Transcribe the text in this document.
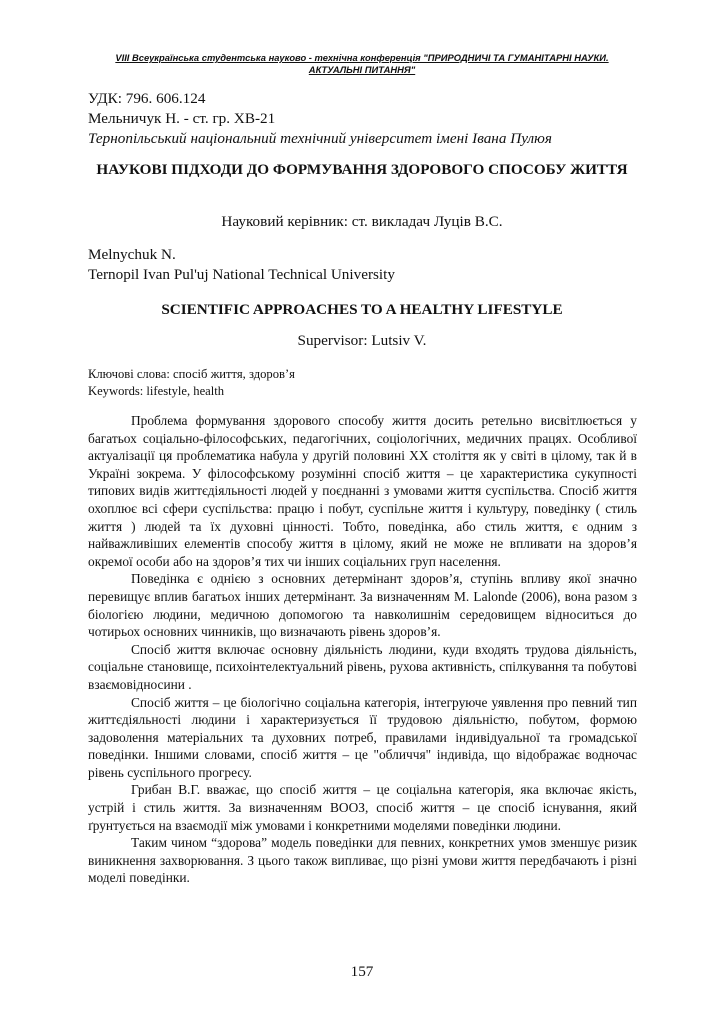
VIII Всеукраїнська студентська науково - технічна конференція "ПРИРОДНИЧІ ТА ГУМАНІТАРНІ НАУКИ.
АКТУАЛЬНІ ПИТАННЯ"
УДК: 796. 606.124
Мельничук Н. - ст. гр. ХВ-21
Тернопільський національний технічний університет імені Івана Пулюя
НАУКОВІ ПІДХОДИ ДО ФОРМУВАННЯ ЗДОРОВОГО СПОСОБУ ЖИТТЯ
Науковий керівник: ст. викладач Луців В.С.
Melnychuk N.
Ternopil Ivan Pul'uj National Technical University
SCIENTIFIC APPROACHES TO A HEALTHY LIFESTYLE
Supervisor: Lutsiv V.
Ключові слова: спосіб життя, здоров’я
Keywords: lifestyle, health

Проблема формування здорового способу життя досить ретельно висвітлюється у багатьох соціально-філософських, педагогічних, соціологічних, медичних працях. Особливої актуалізації ця проблематика набула у другій половині ХХ століття як у світі в цілому, так й в Україні зокрема. У філософському розумінні спосіб життя – це характеристика сукупності типових видів життєдіяльності людей у поєднанні з умовами життя суспільства. Спосіб життя охоплює всі сфери суспільства: працю і побут, суспільне життя і культуру, поведінку ( стиль життя ) людей та їх духовні цінності. Тобто, поведінка, або стиль життя, є одним з найважливіших елементів способу життя в цілому, який не може не впливати на здоров’я окремої особи або на здоров’я тих чи інших соціальних груп населення.

Поведінка є однією з основних детермінант здоров’я, ступінь впливу якої значно перевищує вплив багатьох інших детермінант. За визначенням M. Lalonde (2006), вона разом з біологією людини, медичною допомогою та навколишнім середовищем відноситься до чотирьох основних чинників, що визначають рівень здоров’я.

Спосіб життя включає основну діяльність людини, куди входять трудова діяльність, соціальне становище, психоінтелектуальний рівень, рухова активність, спілкування та побутові взаємовідносини .

Спосіб життя – це біологічно соціальна категорія, інтегруюче уявлення про певний тип життєдіяльності людини і характеризується її трудовою діяльністю, побутом, формою задоволення матеріальних та духовних потреб, правилами індивідуальної та громадської поведінки. Іншими словами, спосіб життя – це "обличчя" індивіда, що відображає водночас рівень суспільного прогресу.

Грибан В.Г. вважає, що спосіб життя – це соціальна категорія, яка включає якість, устрій і стиль життя. За визначенням ВООЗ, спосіб життя – це спосіб існування, який ґрунтується на взаємодії між умовами і конкретними моделями поведінки людини.

Таким чином “здорова” модель поведінки для певних, конкретних умов зменшує ризик виникнення захворювання. З цього також випливає, що різні умови життя передбачають і різні моделі поведінки.

157
